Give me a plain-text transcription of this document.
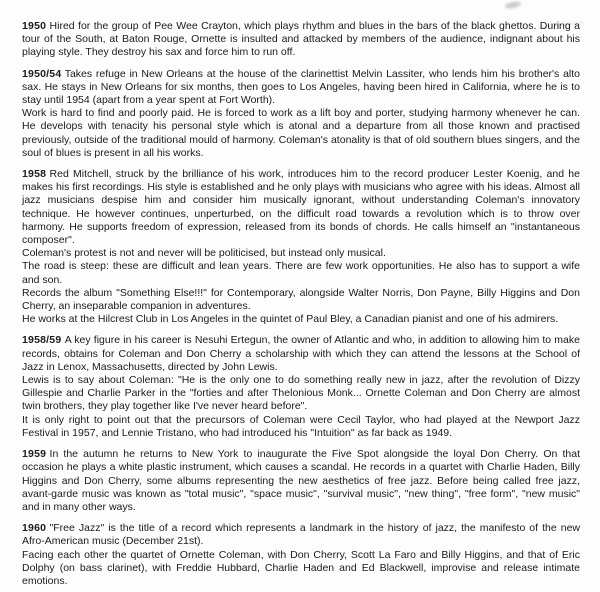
1950 Hired for the group of Pee Wee Crayton, which plays rhythm and blues in the bars of the black ghettos. During a tour of the South, at Baton Rouge, Ornette is insulted and attacked by members of the audience, indignant about his playing style. They destroy his sax and force him to run off.

1950/54 Takes refuge in New Orleans at the house of the clarinettist Melvin Lassiter, who lends him his brother's alto sax. He stays in New Orleans for six months, then goes to Los Angeles, having been hired in California, where he is to stay until 1954 (apart from a year spent at Fort Worth).

Work is hard to find and poorly paid. He is forced to work as a lift boy and porter, studying harmony whenever he can. He develops with tenacity his personal style which is atonal and a departure from all those known and practised previously, outside of the traditional mould of harmony. Coleman's atonality is that of old southern blues singers, and the soul of blues is present in all his works.

1958 Red Mitchell, struck by the brilliance of his work, introduces him to the record producer Lester Koenig, and he makes his first recordings. His style is established and he only plays with musicians who agree with his ideas. Almost all jazz musicians despise him and consider him musically ignorant, without understanding Coleman's innovatory technique. He however continues, unperturbed, on the difficult road towards a revolution which is to throw over harmony. He supports freedom of expression, released from its bonds of chords. He calls himself an "instantaneous composer".

Coleman's protest is not and never will be politicised, but instead only musical.

The road is steep: these are difficult and lean years. There are few work opportunities. He also has to support a wife and son.

Records the album "Something Else!!!" for Contemporary, alongside Walter Norris, Don Payne, Billy Higgins and Don Cherry, an inseparable companion in adventures.

He works at the Hilcrest Club in Los Angeles in the quintet of Paul Bley, a Canadian pianist and one of his admirers.

1958/59 A key figure in his career is Nesuhi Ertegun, the owner of Atlantic and who, in addition to allowing him to make records, obtains for Coleman and Don Cherry a scholarship with which they can attend the lessons at the School of Jazz in Lenox, Massachusetts, directed by John Lewis.

Lewis is to say about Coleman: "He is the only one to do something really new in jazz, after the revolution of Dizzy Gillespie and Charlie Parker in the "forties and after Thelonious Monk... Ornette Coleman and Don Cherry are almost twin brothers, they play together like I've never heard before".

It is only right to point out that the precursors of Coleman were Cecil Taylor, who had played at the Newport Jazz Festival in 1957, and Lennie Tristano, who had introduced his "Intuition" as far back as 1949.

1959 In the autumn he returns to New York to inaugurate the Five Spot alongside the loyal Don Cherry. On that occasion he plays a white plastic instrument, which causes a scandal. He records in a quartet with Charlie Haden, Billy Higgins and Don Cherry, some albums representing the new aesthetics of free jazz. Before being called free jazz, avant-garde music was known as "total music", "space music", "survival music", "new thing", "free form", "new music" and in many other ways.

1960 "Free Jazz" is the title of a record which represents a landmark in the history of jazz, the manifesto of the new Afro-American music (December 21st).

Facing each other the quartet of Ornette Coleman, with Don Cherry, Scott La Faro and Billy Higgins, and that of Eric Dolphy (on bass clarinet), with Freddie Hubbard, Charlie Haden and Ed Blackwell, improvise and release intimate emotions.
